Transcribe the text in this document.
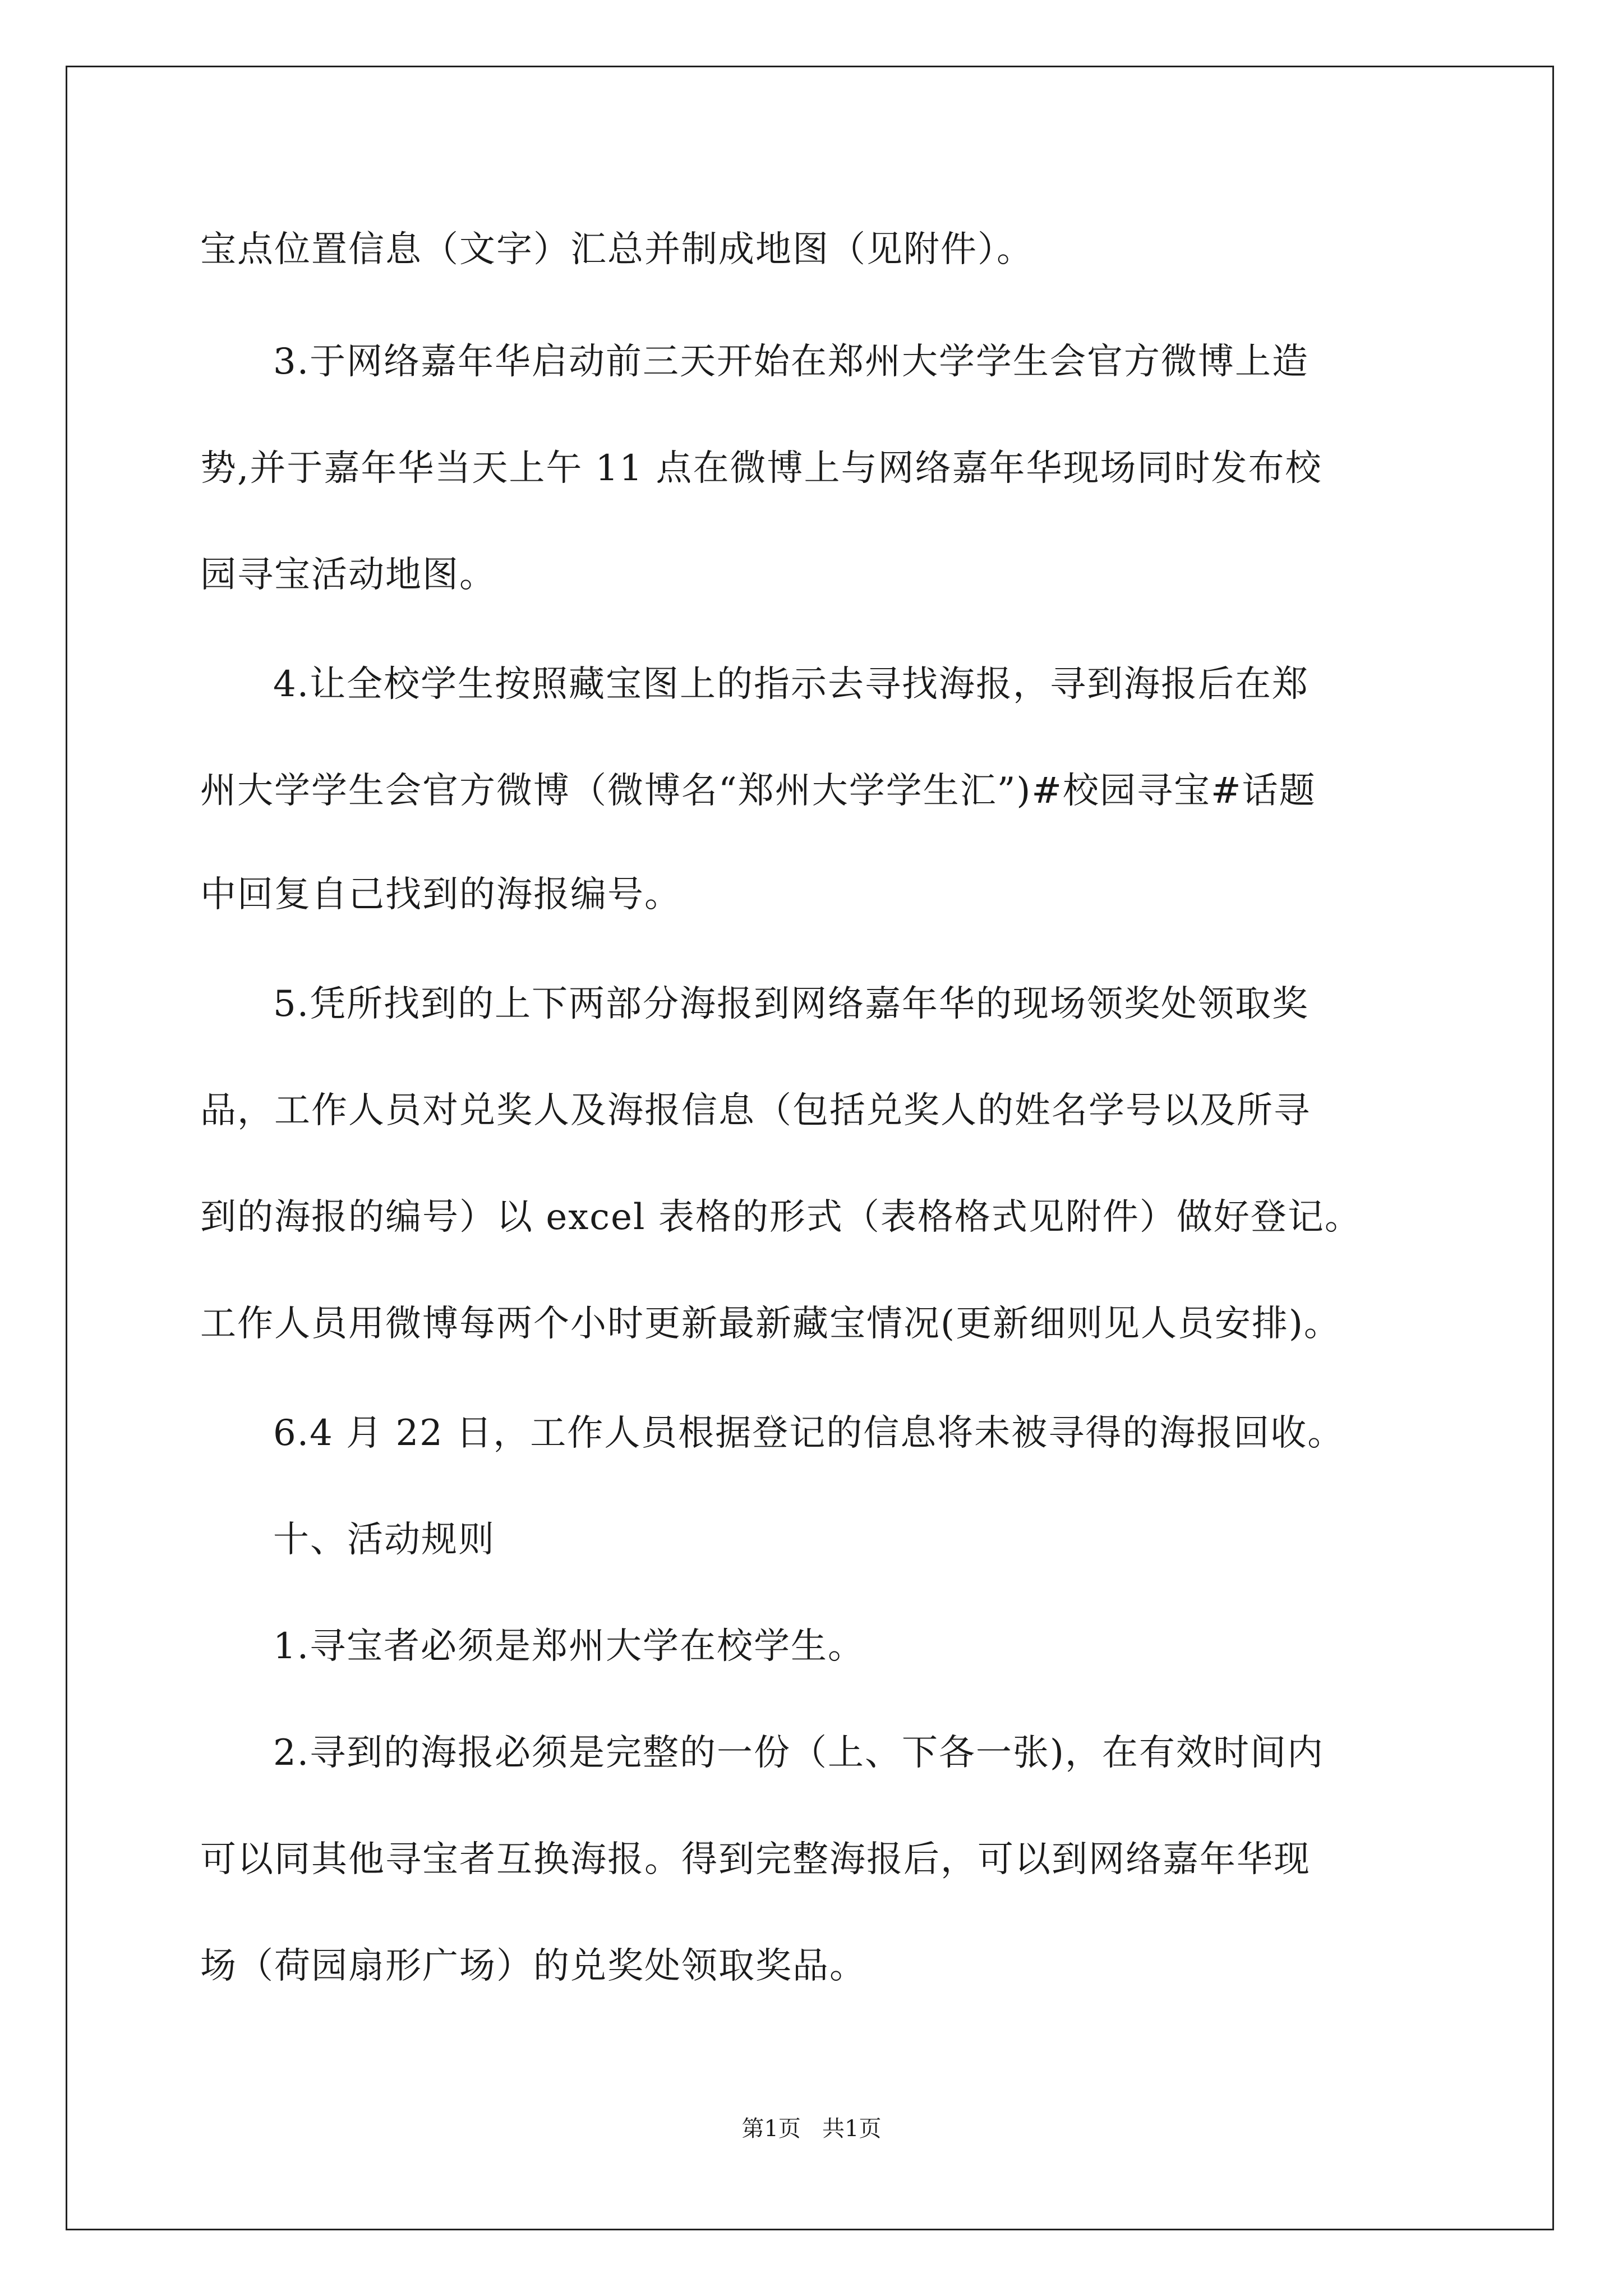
宝点位置信息（文字）汇总并制成地图（见附件）。
3.于网络嘉年华启动前三天开始在郑州大学学生会官方微博上造
势,并于嘉年华当天上午 11 点在微博上与网络嘉年华现场同时发布校
园寻宝活动地图。
4.让全校学生按照藏宝图上的指示去寻找海报，寻到海报后在郑
州大学学生会官方微博（微博名“郑州大学学生汇”)#校园寻宝#话题
中回复自己找到的海报编号。
5.凭所找到的上下两部分海报到网络嘉年华的现场领奖处领取奖
品，工作人员对兑奖人及海报信息（包括兑奖人的姓名学号以及所寻
到的海报的编号）以 excel 表格的形式（表格格式见附件）做好登记。
工作人员用微博每两个小时更新最新藏宝情况(更新细则见人员安排)。
6.4 月 22 日，工作人员根据登记的信息将未被寻得的海报回收。
十、活动规则
1.寻宝者必须是郑州大学在校学生。
2.寻到的海报必须是完整的一份（上、下各一张)，在有效时间内
可以同其他寻宝者互换海报。得到完整海报后，可以到网络嘉年华现
场（荷园扇形广场）的兑奖处领取奖品。
第1页   共1页
